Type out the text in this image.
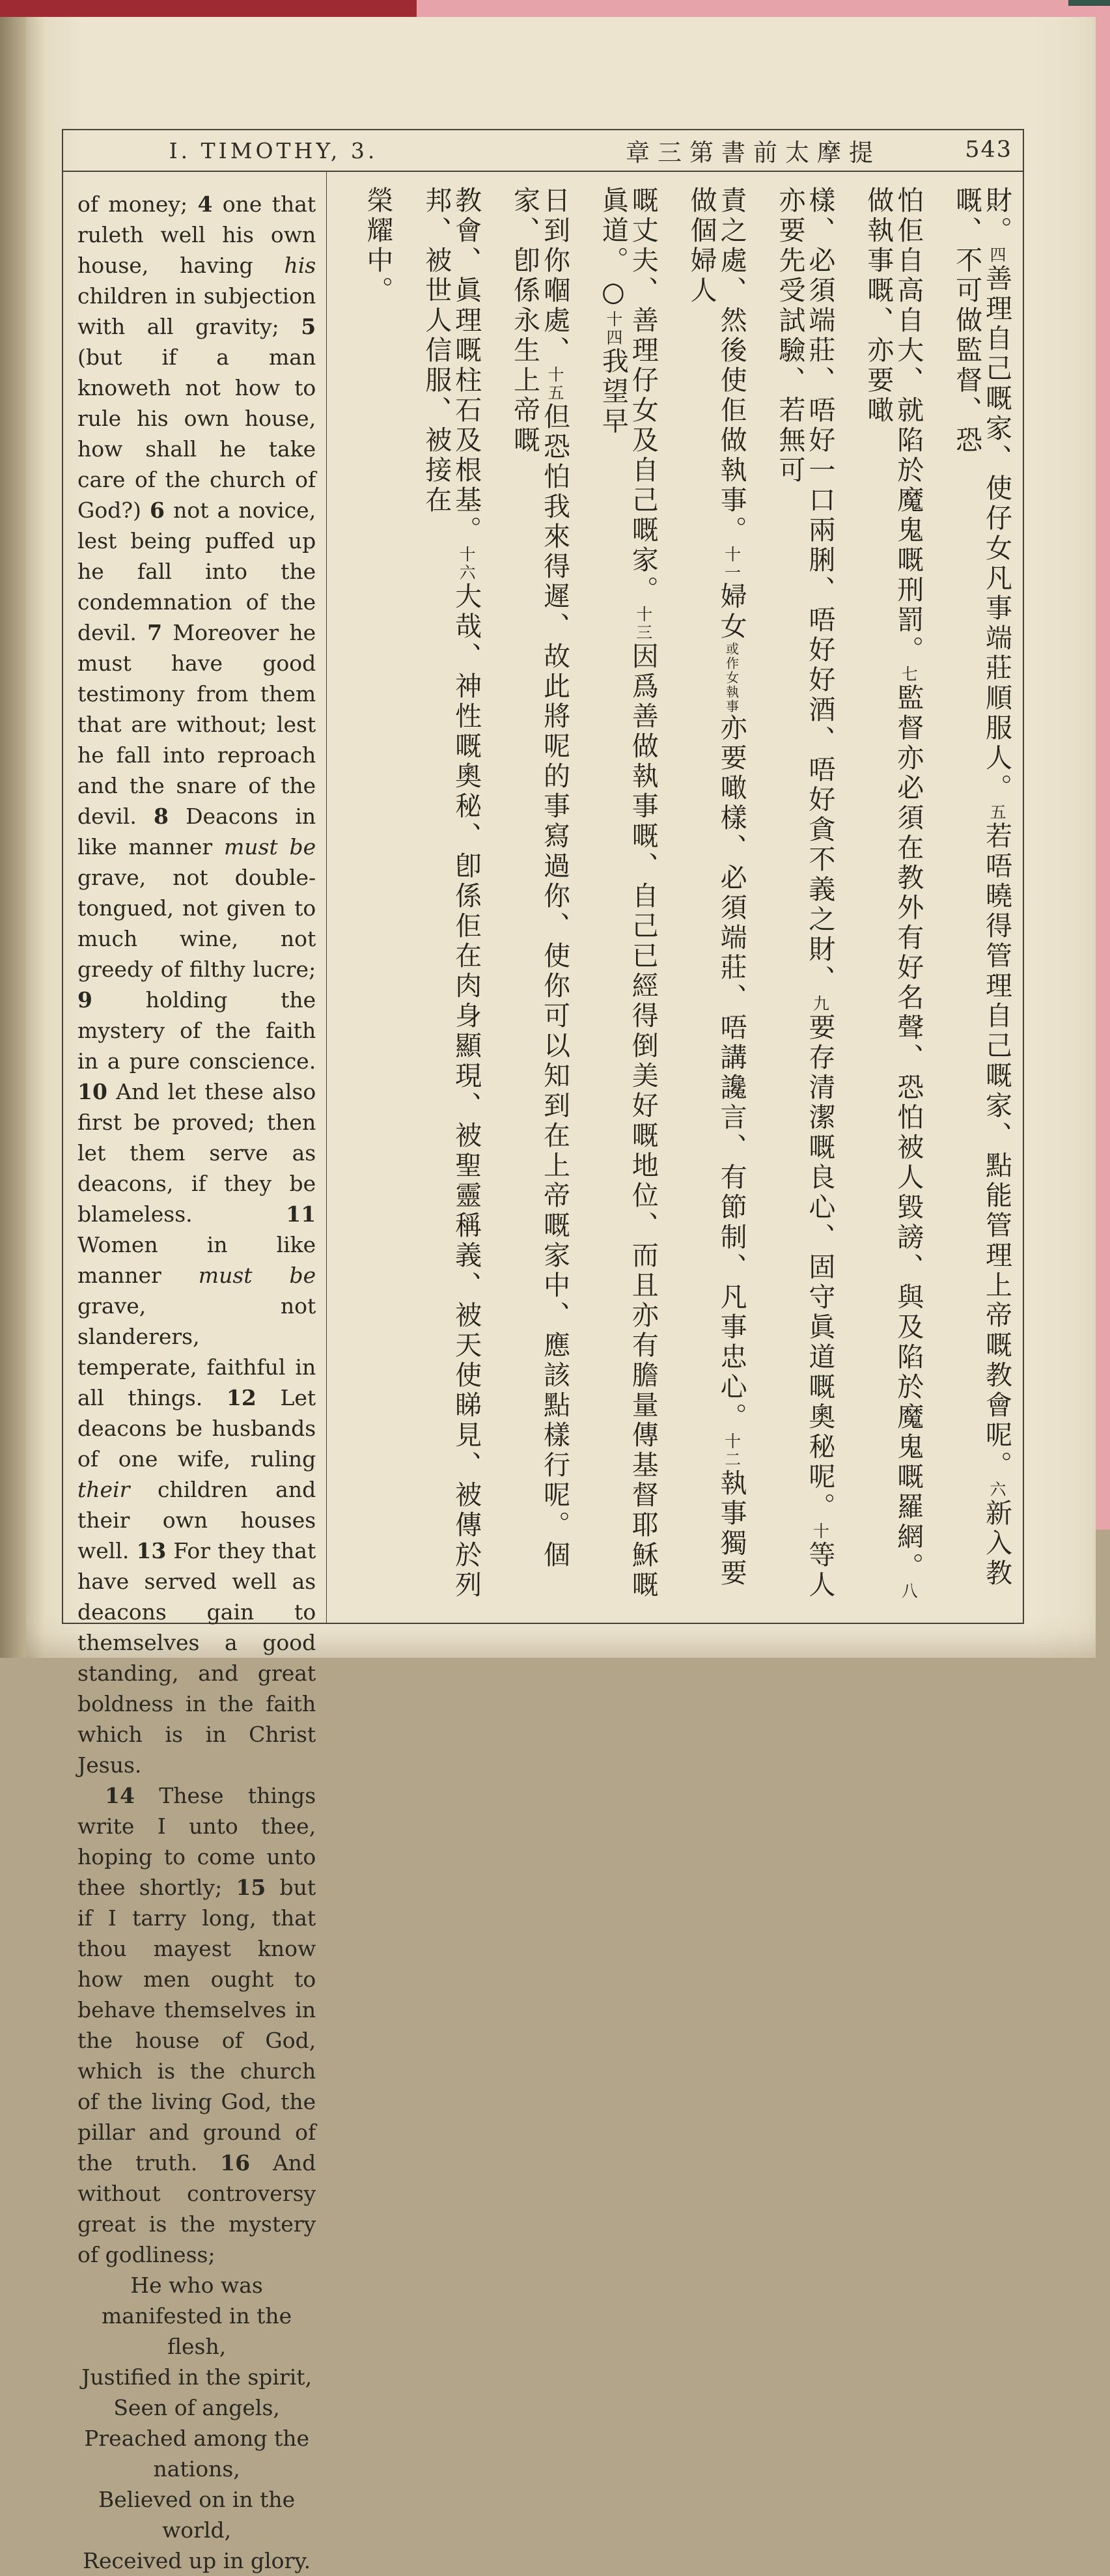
I. TIMOTHY, 3.	章三第書前太摩提	543

of money; 4 one that ruleth well his own house, having his children in subjection with all gravity; 5 (but if a man knoweth not how to rule his own house, how shall he take care of the church of God?) 6 not a novice, lest being puffed up he fall into the condemnation of the devil. 7 Moreover he must have good testimony from them that are without; lest he fall into reproach and the snare of the devil. 8 Deacons in like manner must be grave, not double-tongued, not given to much wine, not greedy of filthy lucre; 9 holding the mystery of the faith in a pure conscience. 10 And let these also first be proved; then let them serve as deacons, if they be blameless. 11 Women in like manner must be grave, not slanderers, temperate, faithful in all things. 12 Let deacons be husbands of one wife, ruling their children and their own houses well. 13 For they that have served well as deacons gain to themselves a good standing, and great boldness in the faith which is in Christ Jesus.

14 These things write I unto thee, hoping to come unto thee shortly; 15 but if I tarry long, that thou mayest know how men ought to behave themselves in the house of God, which is the church of the living God, the pillar and ground of the truth. 16 And without controversy great is the mystery of godliness;

He who was manifested in the flesh,
Justified in the spirit,
Seen of angels,
Preached among the nations,
Believed on in the world,
Received up in glory.
財。四善理自己嘅家、使仔女凡事端莊順服人。五若唔曉得管理自己嘅家、點能管理上帝嘅教會呢。六新入教嘅、不可做監督、恐
怕佢自高自大、就陷於魔鬼嘅刑罰。七監督亦必須在教外有好名聲、恐怕被人毀謗、與及陷於魔鬼嘅羅網。八做執事嘅、亦要噉
樣、必須端莊、唔好一口兩脷、唔好好酒、唔好貪不義之財、九要存清潔嘅良心、固守眞道嘅奧秘呢。十等人亦要先受試驗、若無可
責之處、然後使佢做執事。十一婦女或作女執事亦要噉樣、必須端莊、唔講讒言、有節制、凡事忠心。十二執事獨要做個婦人
嘅丈夫、善理仔女及自己嘅家。十三因爲善做執事嘅、自己已經得倒美好嘅地位、而且亦有膽量傳基督耶穌嘅眞道。○十四我望早
日到你嗰處、十五但恐怕我來得遲、故此將呢的事寫過你、使你可以知到在上帝嘅家中、應該點樣行呢。個家、卽係永生上帝嘅
教會、眞理嘅柱石及根基。十六大哉、神性嘅奧秘、卽係佢在肉身顯現、被聖靈稱義、被天使睇見、被傳於列邦、被世人信服、被接在
榮耀中。
